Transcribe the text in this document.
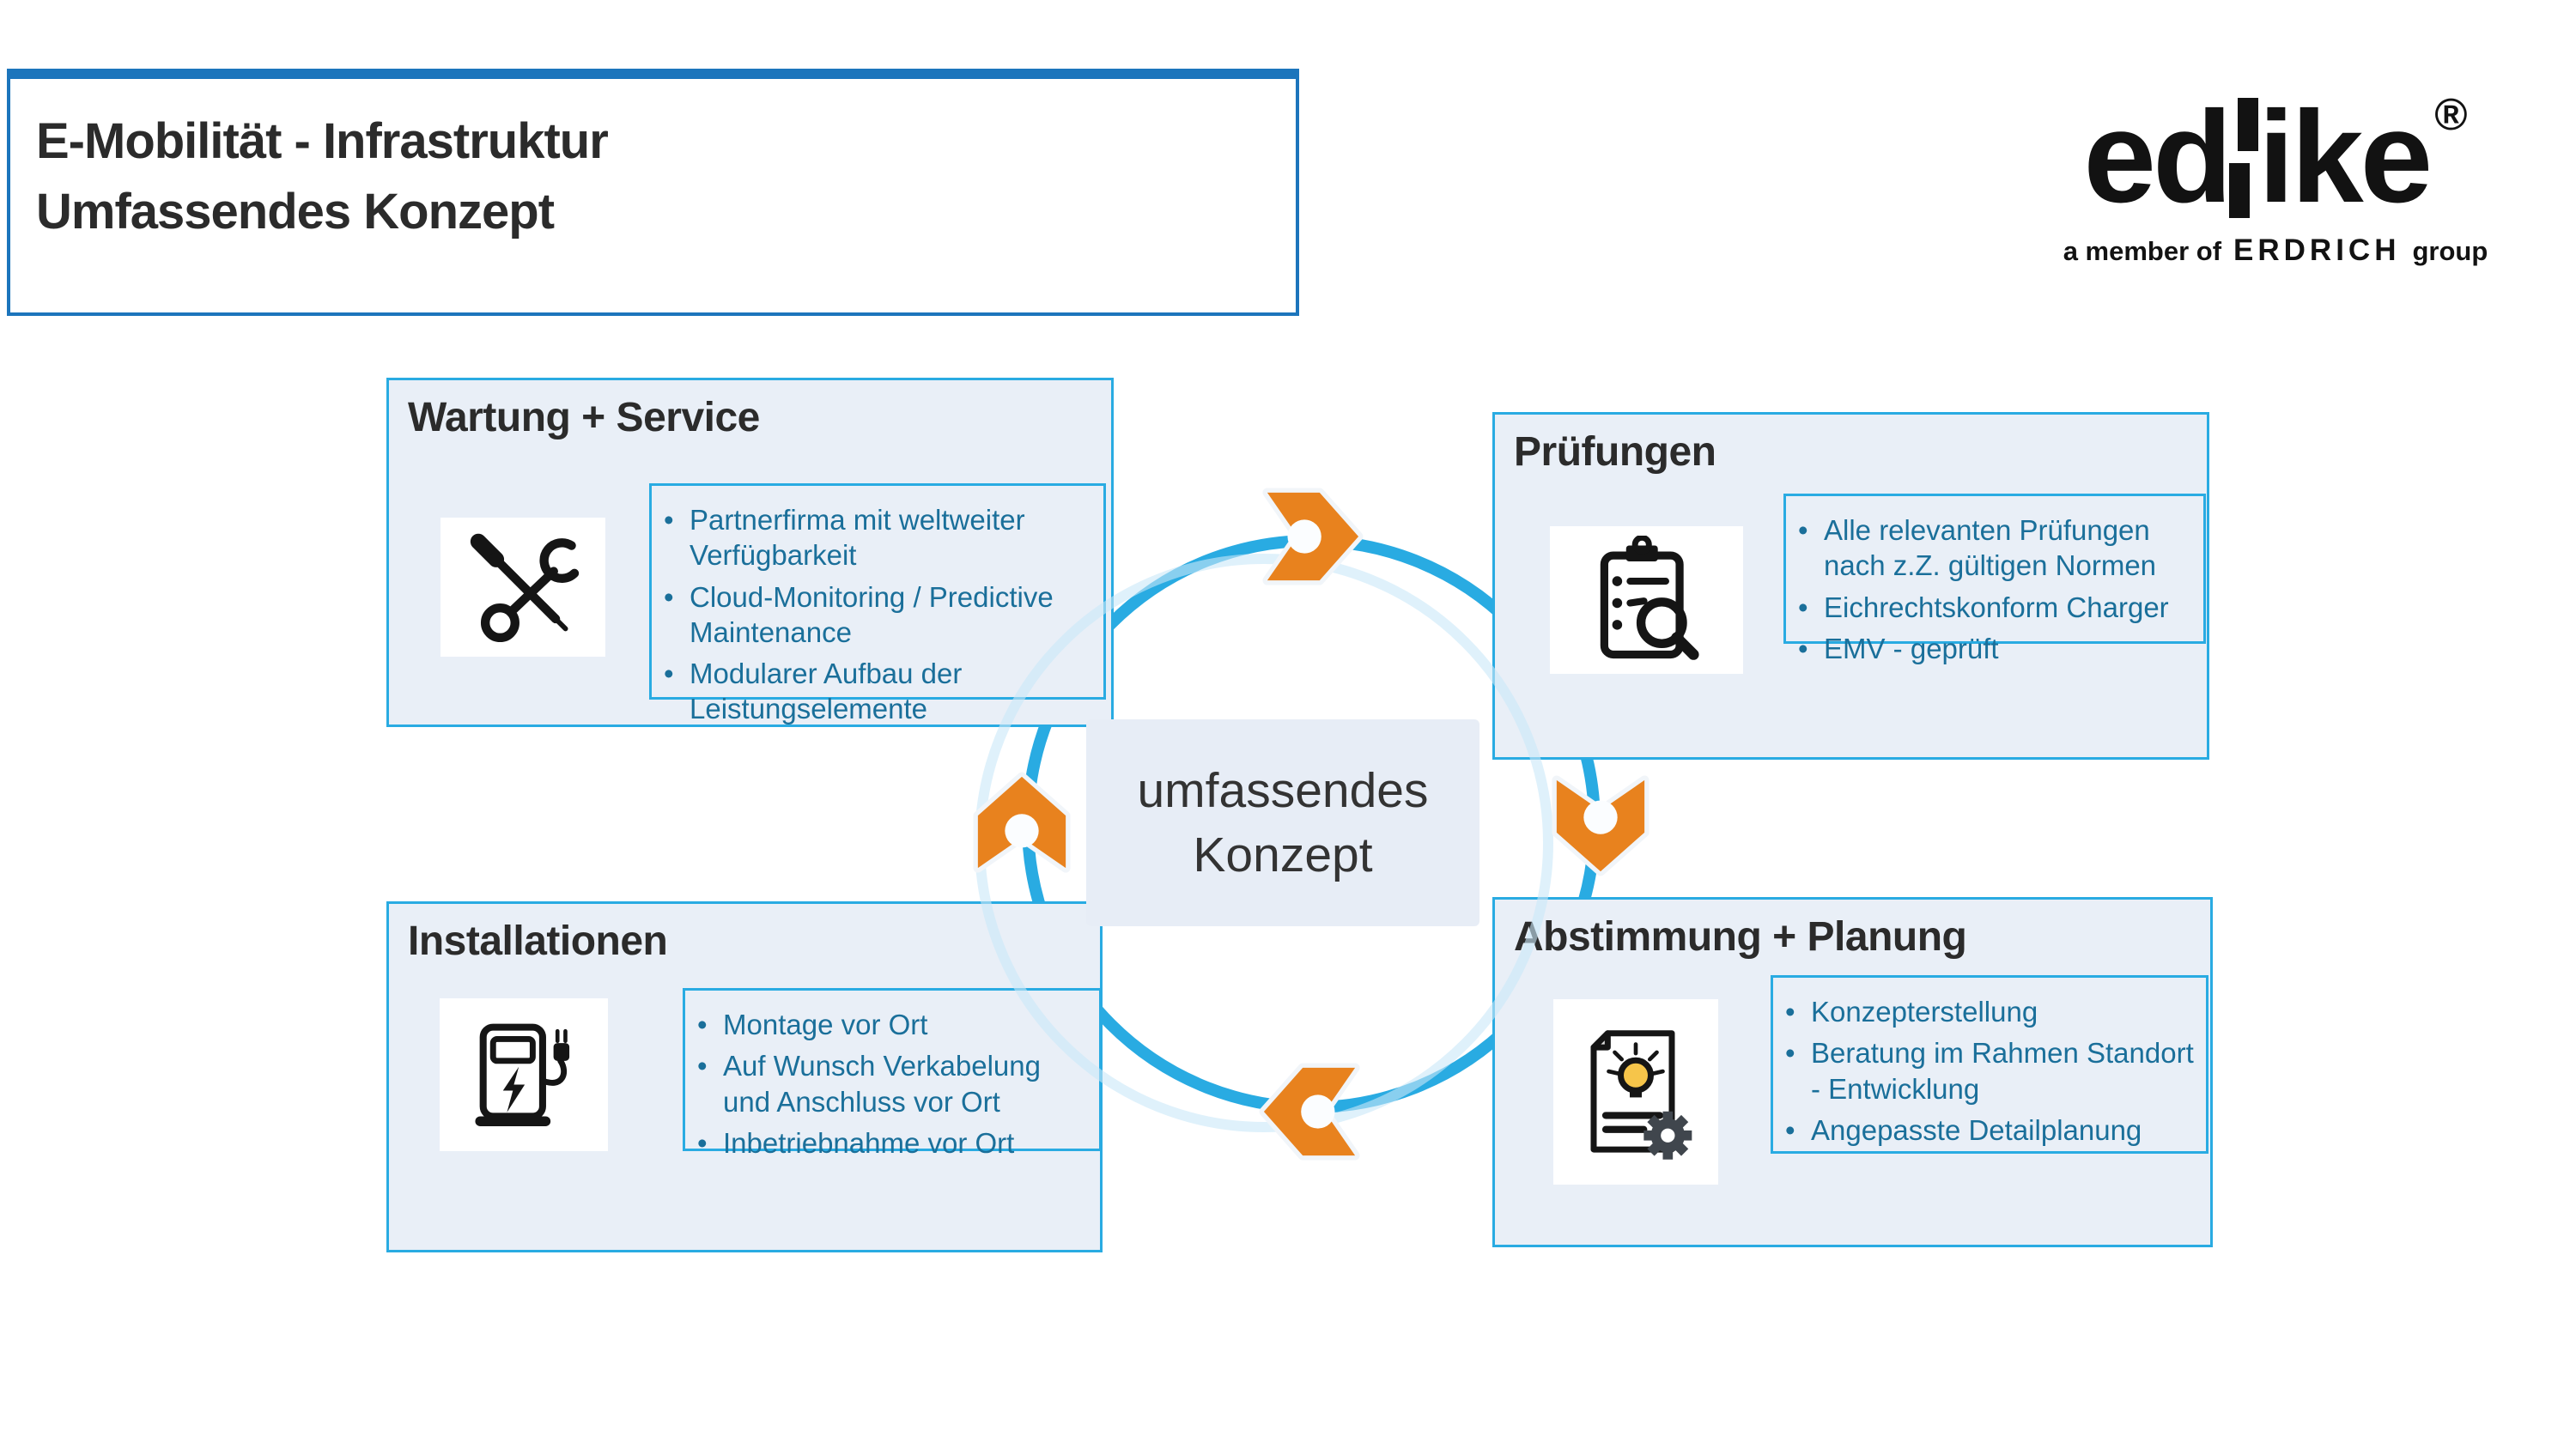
E-Mobilität - Infrastruktur

Umfassendes Konzept	ed ike ®
a member of ERDRICH group
umfassendes
Konzept
Wartung + Service
• Partnerfirma mit weltweiter Verfügbarkeit
• Cloud-Monitoring / Predictive Maintenance
• Modularer Aufbau der Leistungselemente
Prüfungen
• Alle relevanten Prüfungen nach z.Z. gültigen Normen
• Eichrechtskonform Charger
• EMV - geprüft
Installationen
• Montage vor Ort
• Auf Wunsch Verkabelung und Anschluss vor Ort
• Inbetriebnahme vor Ort
Abstimmung + Planung
• Konzepterstellung
• Beratung im Rahmen Standort - Entwicklung
• Angepasste Detailplanung
